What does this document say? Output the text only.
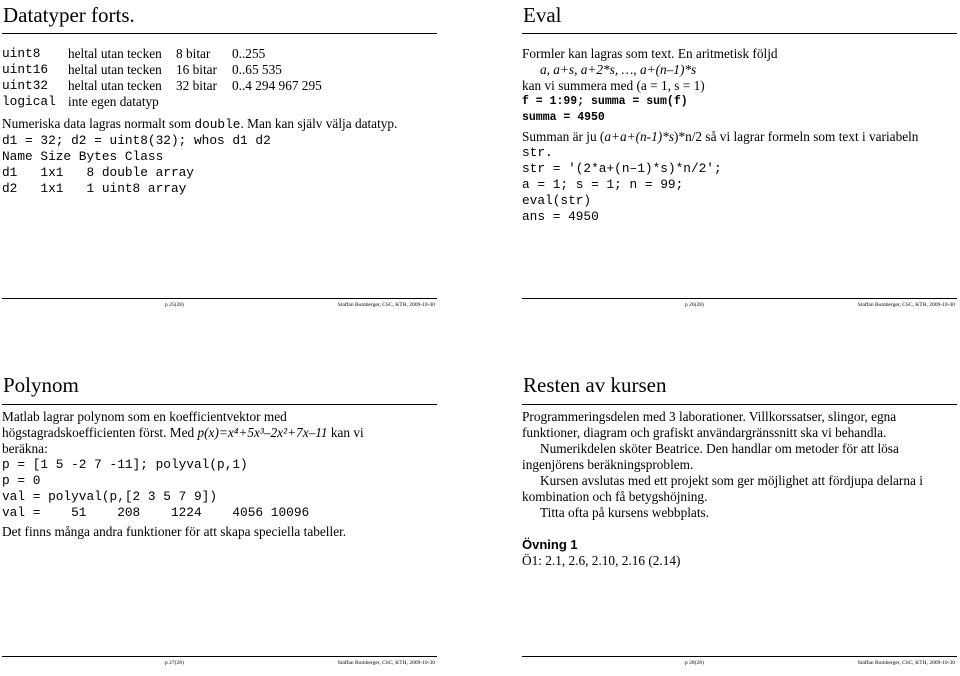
Datatyper forts.
uint8 heltal utan tecken 8 bitar 0..255
uint16 heltal utan tecken 16 bitar 0..65 535
uint32 heltal utan tecken 32 bitar 0..4 294 967 295
logical inte egen datatyp
Numeriska data lagras normalt som double. Man kan själv välja datatyp.
d1 = 32; d2 = uint8(32); whos d1 d2
Name Size Bytes Class
d1   1x1   8 double array
d2   1x1   1 uint8 array
p 25(28)	Staffan Romberger, CSC, KTH, 2009-10-30
Eval
Formler kan lagras som text. En aritmetisk följd
a, a+s, a+2*s, …, a+(n–1)*s
kan vi summera med (a = 1, s = 1)
f = 1:99; summa = sum(f)
summa = 4950
Summan är ju (a+a+(n-1)*s)*n/2 så vi lagrar formeln som text i variabeln
str.
str = '(2*a+(n–1)*s)*n/2';
a = 1; s = 1; n = 99;
eval(str)
ans = 4950
p 26(28)	Staffan Romberger, CSC, KTH, 2009-10-30
Polynom
Matlab lagrar polynom som en koefficientvektor med
högstagradskoefficienten först. Med p(x)=x⁴+5x³–2x²+7x–11 kan vi
beräkna:
p = [1 5 -2 7 -11]; polyval(p,1)
p = 0
val = polyval(p,[2 3 5 7 9])
val =    51    208    1224    4056 10096
Det finns många andra funktioner för att skapa speciella tabeller.
p 27(28)	Staffan Romberger, CSC, KTH, 2009-10-30
Resten av kursen
Programmeringsdelen med 3 laborationer. Villkorssatser, slingor, egna
funktioner, diagram och grafiskt användargränssnitt ska vi behandla.
Numerikdelen sköter Beatrice. Den handlar om metoder för att lösa
ingenjörens beräkningsproblem.
Kursen avslutas med ett projekt som ger möjlighet att fördjupa delarna i
kombination och få betygshöjning.
Titta ofta på kursens webbplats.
Övning 1
Ö1: 2.1, 2.6, 2.10, 2.16 (2.14)
p 28(28)	Staffan Romberger, CSC, KTH, 2009-10-30
